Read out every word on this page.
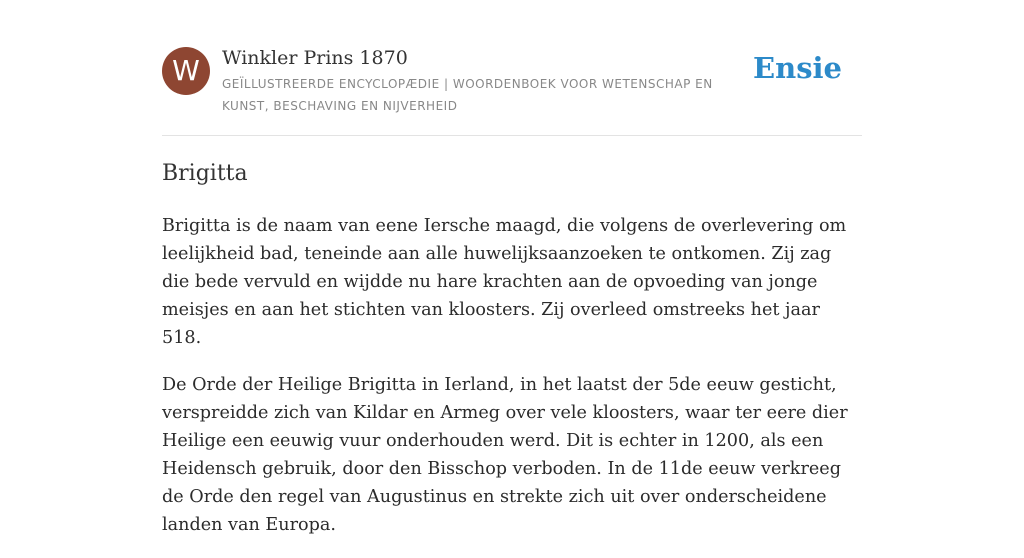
W	Winkler Prins 1870
GEÏLLUSTREERDE ENCYCLOPÆDIE | WOORDENBOEK VOOR WETENSCHAP EN KUNST, BESCHAVING EN NIJVERHEID
Ensie
Brigitta

Brigitta is de naam van eene Iersche maagd, die volgens de overlevering om leelijkheid bad, teneinde aan alle huwelijksaanzoeken te ontkomen. Zij zag die bede vervuld en wijdde nu hare krachten aan de opvoeding van jonge meisjes en aan het stichten van kloosters. Zij overleed omstreeks het jaar 518.

De Orde der Heilige Brigitta in Ierland, in het laatst der 5de eeuw gesticht, verspreidde zich van Kildar en Armeg over vele kloosters, waar ter eere dier Heilige een eeuwig vuur onderhouden werd. Dit is echter in 1200, als een Heidensch gebruik, door den Bisschop verboden. In de 11de eeuw verkreeg de Orde den regel van Augustinus en strekte zich uit over onderscheidene landen van Europa.
